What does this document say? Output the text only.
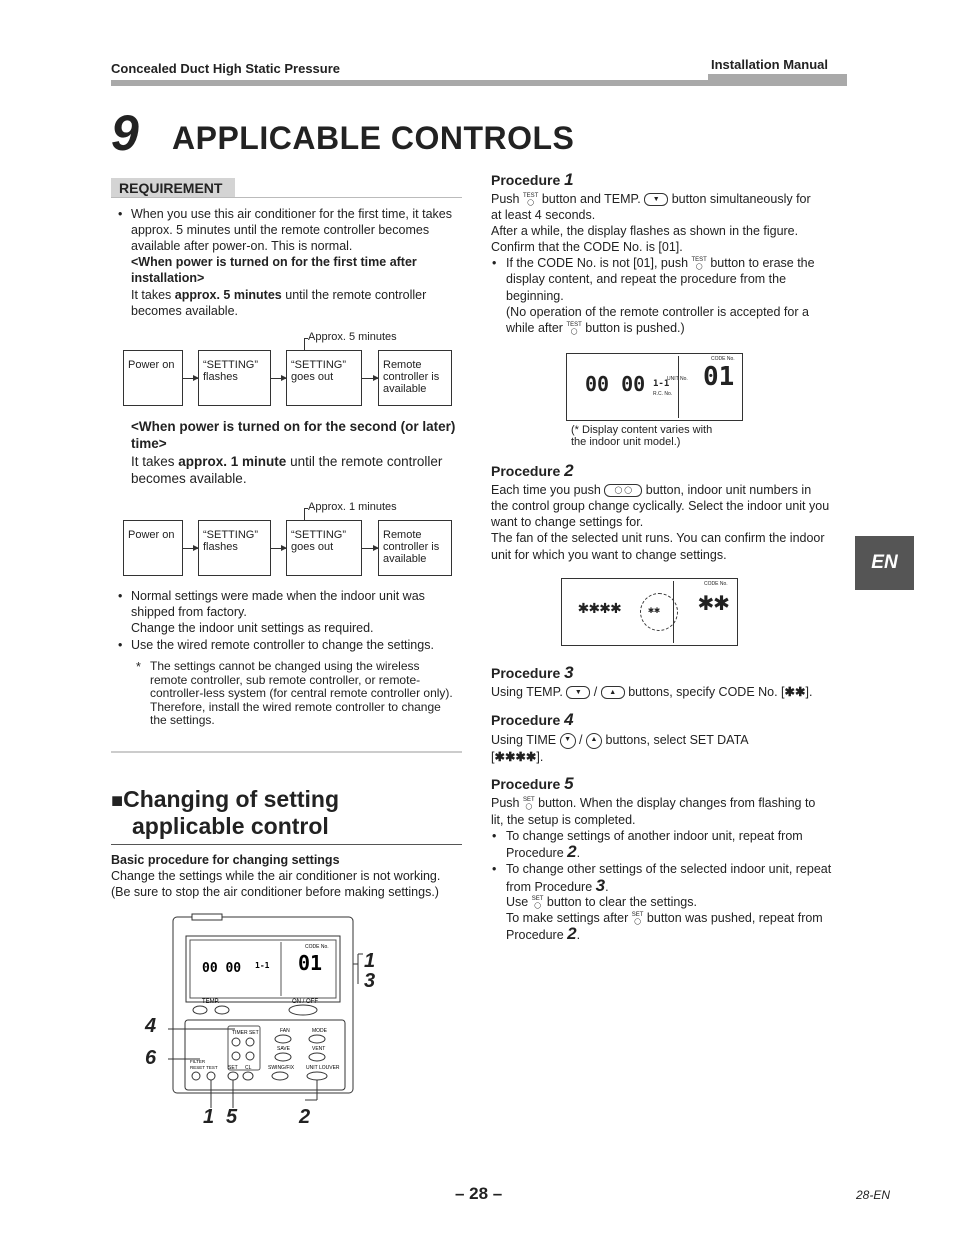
Concealed Duct High Static Pressure	Installation Manual
9 APPLICABLE CONTROLS
REQUIREMENT
• When you use this air conditioner for the first time, it takes approx. 5 minutes until the remote controller becomes available after power-on. This is normal.
<When power is turned on for the first time after installation>
It takes approx. 5 minutes until the remote controller becomes available.
Approx. 5 minutes
Power on	“SETTING” flashes
“SETTING” goes out
Remote controller is available
<When power is turned on for the second (or later) time>
It takes approx. 1 minute until the remote controller becomes available.
Approx. 1 minutes
Power on	“SETTING” flashes
“SETTING” goes out
Remote controller is available
• Normal settings were made when the indoor unit was shipped from factory.
Change the indoor unit settings as required.
• Use the wired remote controller to change the settings.
* The settings cannot be changed using the wireless remote controller, sub remote controller, or remote-controller-less system (for central remote controller only). Therefore, install the wired remote controller to change the settings.
■Changing of setting
applicable control
Basic procedure for changing settings
Change the settings while the air conditioner is not working.
(Be sure to stop the air conditioner before making settings.)
00 00 1-1 01
CODE No.
TEMP.	ON / OFF
TIMER SET	FAN	MODE
SAVE	VENT
SWING/FIX UNIT LOUVER
FILTER
RESET TEST SET CL
1
3
4
6
1 5	2
Procedure 1
Push TEST
◯ button and TEMP. ▼ button simultaneously for
at least 4 seconds.
After a while, the display flashes as shown in the figure.
Confirm that the CODE No. is [01].
• If the CODE No. is not [01], push TEST
◯ button to erase the
display content, and repeat the procedure from the
beginning.
(No operation of the remote controller is accepted for a
while after TEST
◯ button is pushed.)
00 00 1-1
UNIT No.
R.C. No.
CODE No.
01
(* Display content varies with
the indoor unit model.)
Procedure 2
Each time you push ◯ ◯ button, indoor unit numbers in
the control group change cyclically. Select the indoor unit you
want to change settings for.
The fan of the selected unit runs. You can confirm the indoor
unit for which you want to change settings.
✱✱✱✱	✱✱
CODE No.
✱✱
Procedure 3
Using TEMP. ▼ / ▲ buttons, specify CODE No. [✱✱].
Procedure 4
Using TIME ▼ / ▲ buttons, select SET DATA
[✱✱✱✱].
Procedure 5
Push SET
◯ button. When the display changes from flashing to
lit, the setup is completed.
• To change settings of another indoor unit, repeat from
Procedure 2.
• To change other settings of the selected indoor unit, repeat
from Procedure 3.
Use SET
◯ button to clear the settings.
To make settings after SET
◯ button was pushed, repeat from
Procedure 2.
EN
– 28 –	28-EN
